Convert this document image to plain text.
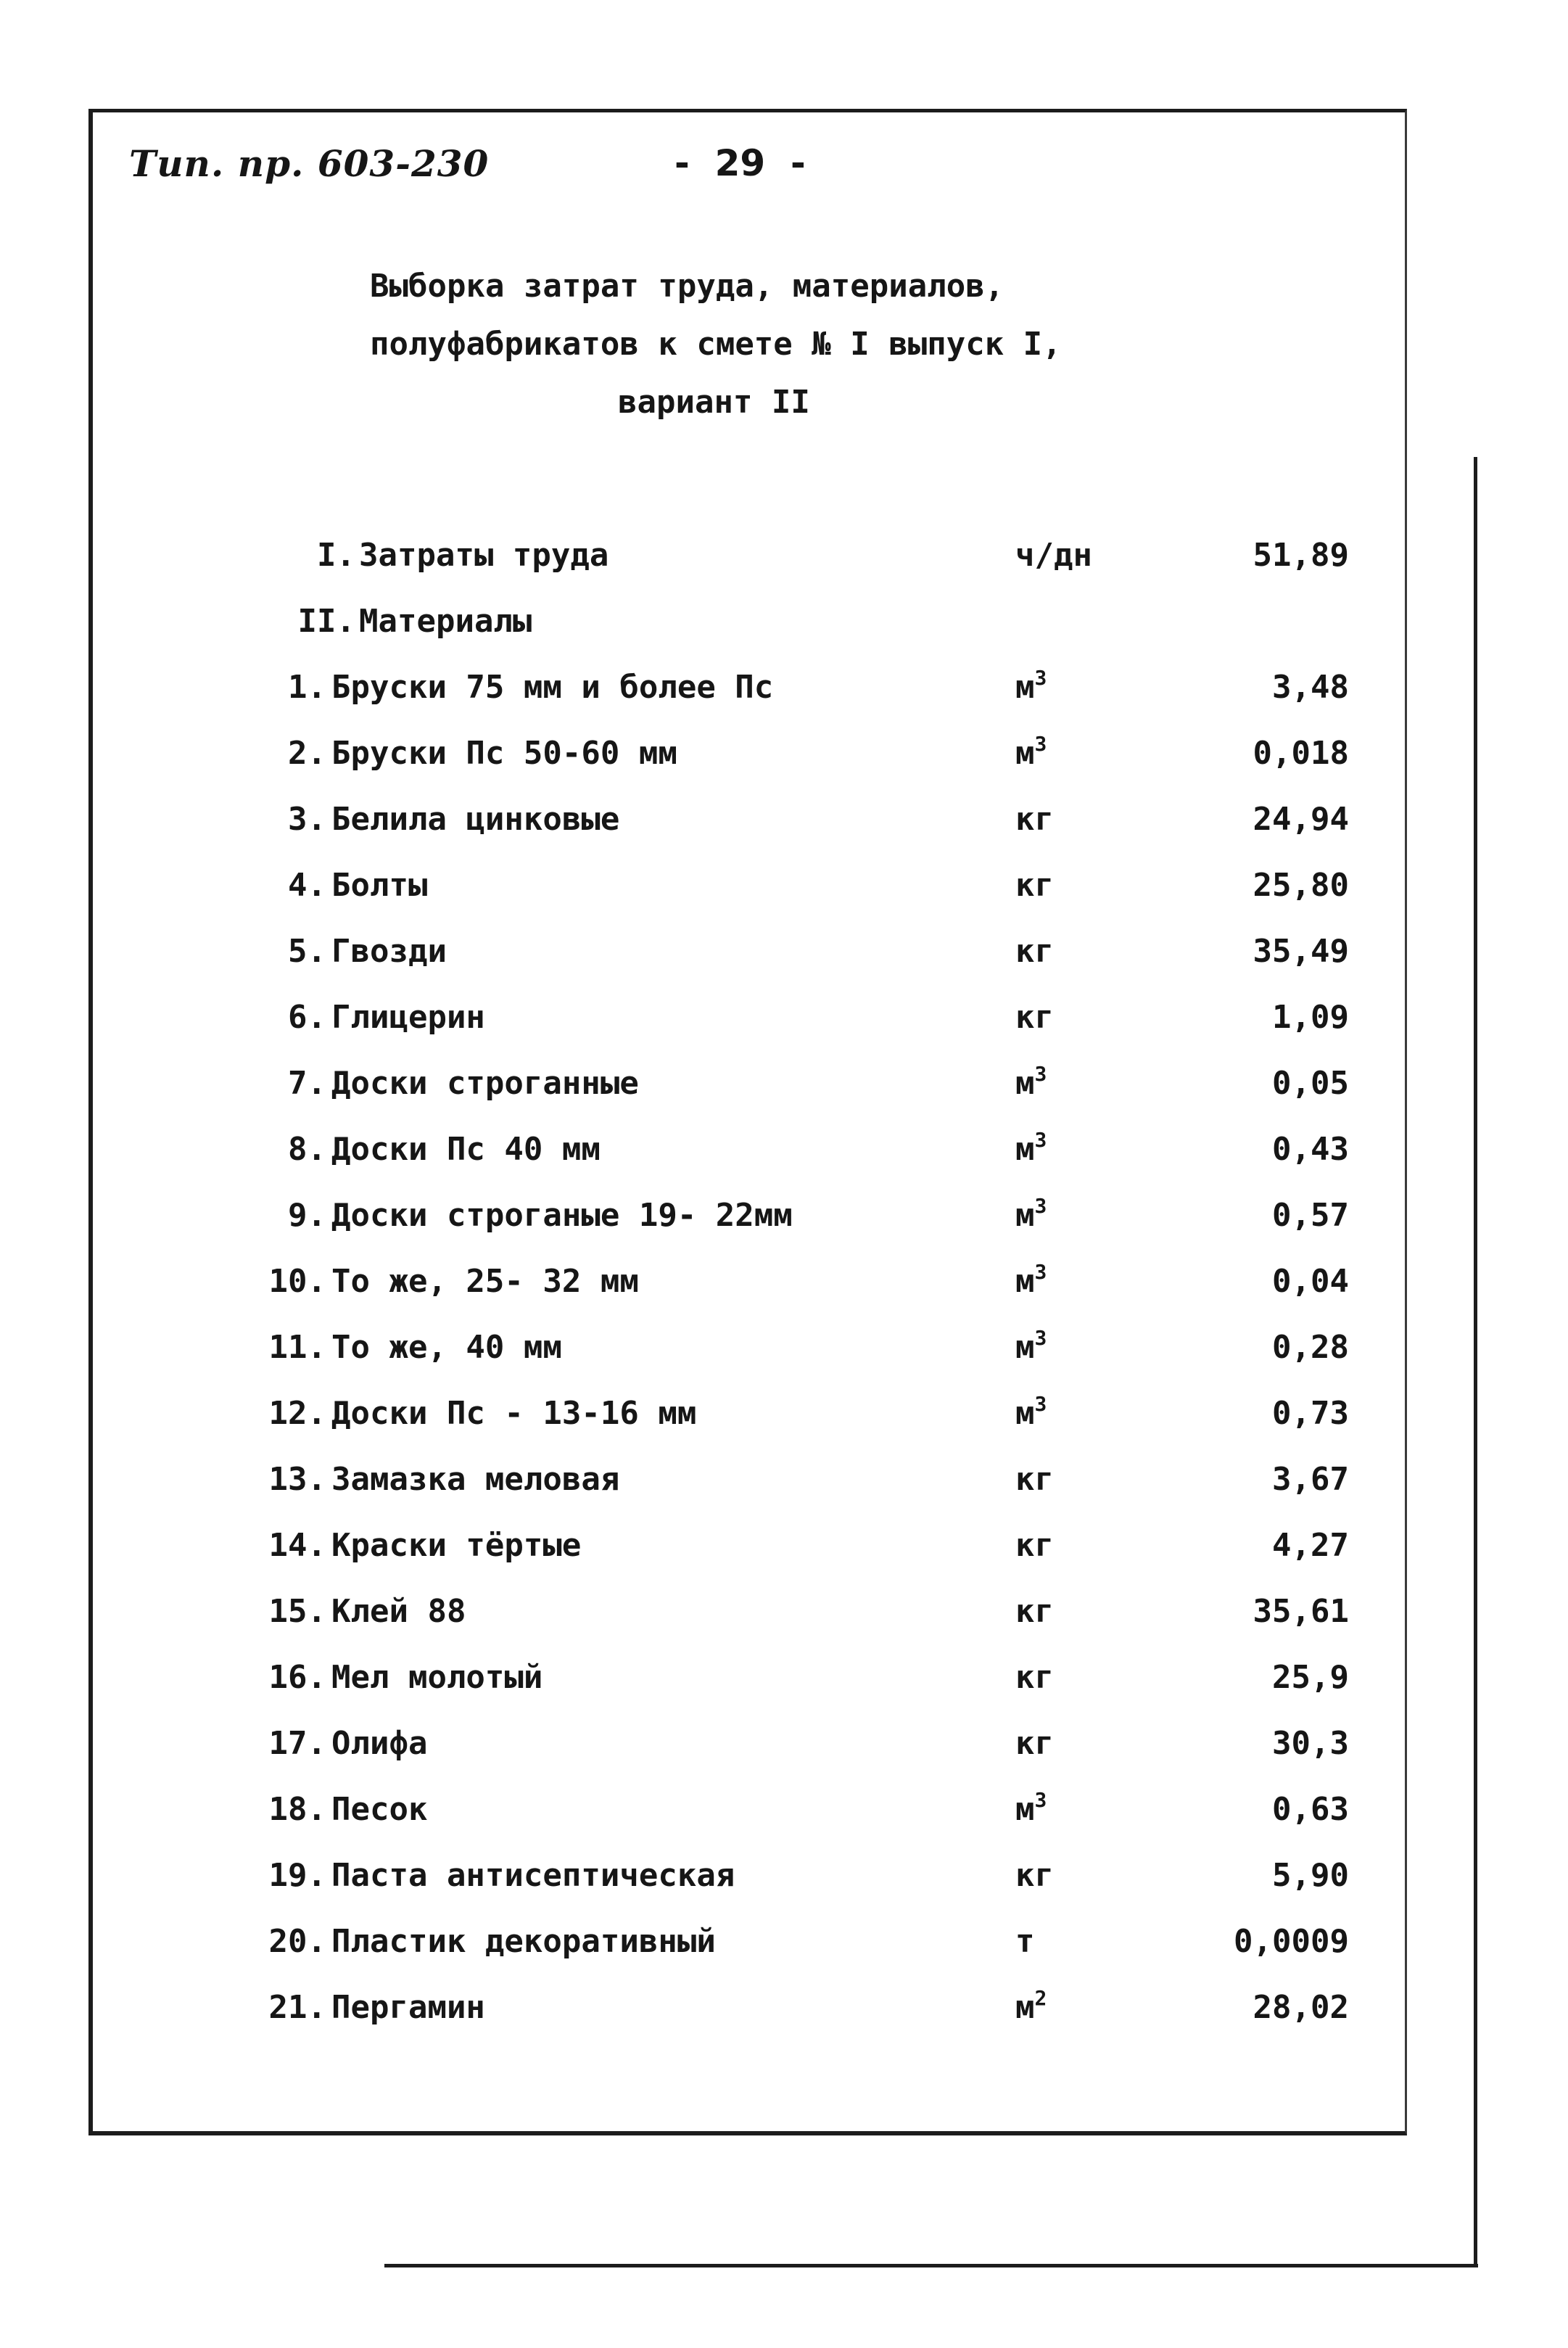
Тип. пр. 603-230	-  29  -
Выборка затрат труда, материалов,
полуфабрикатов к смете № I выпуск I,
вариант II
I. Затраты труда	ч/дн	51,89
II. Материалы
1. Бруски 75 мм и более Пс	$м^3$	3,48
2. Бруски Пс 50-60 мм	$м^3$	0,018
3. Белила цинковые	кг	24,94
4. Болты	кг	25,80
5. Гвозди	кг	35,49
6. Глицерин	кг	1,09
7. Доски строганные	$м^3$	0,05
8. Доски Пс 40 мм	$м^3$	0,43
9. Доски строганые 19- 22мм	$м^3$	0,57
10. То же, 25- 32 мм	$м^3$	0,04
11. То же, 40 мм	$м^3$	0,28
12. Доски Пс - 13-16 мм	$м^3$	0,73
13. Замазка меловая	кг	3,67
14. Краски тёртые	кг	4,27
15. Клей 88	кг	35,61
16. Мел молотый	кг	25,9
17. Олифа	кг	30,3
18. Песок	$м^3$	0,63
19. Паста антисептическая	кг	5,90
20. Пластик декоративный	т	0,0009
21. Пергамин	$м^2$	28,02
